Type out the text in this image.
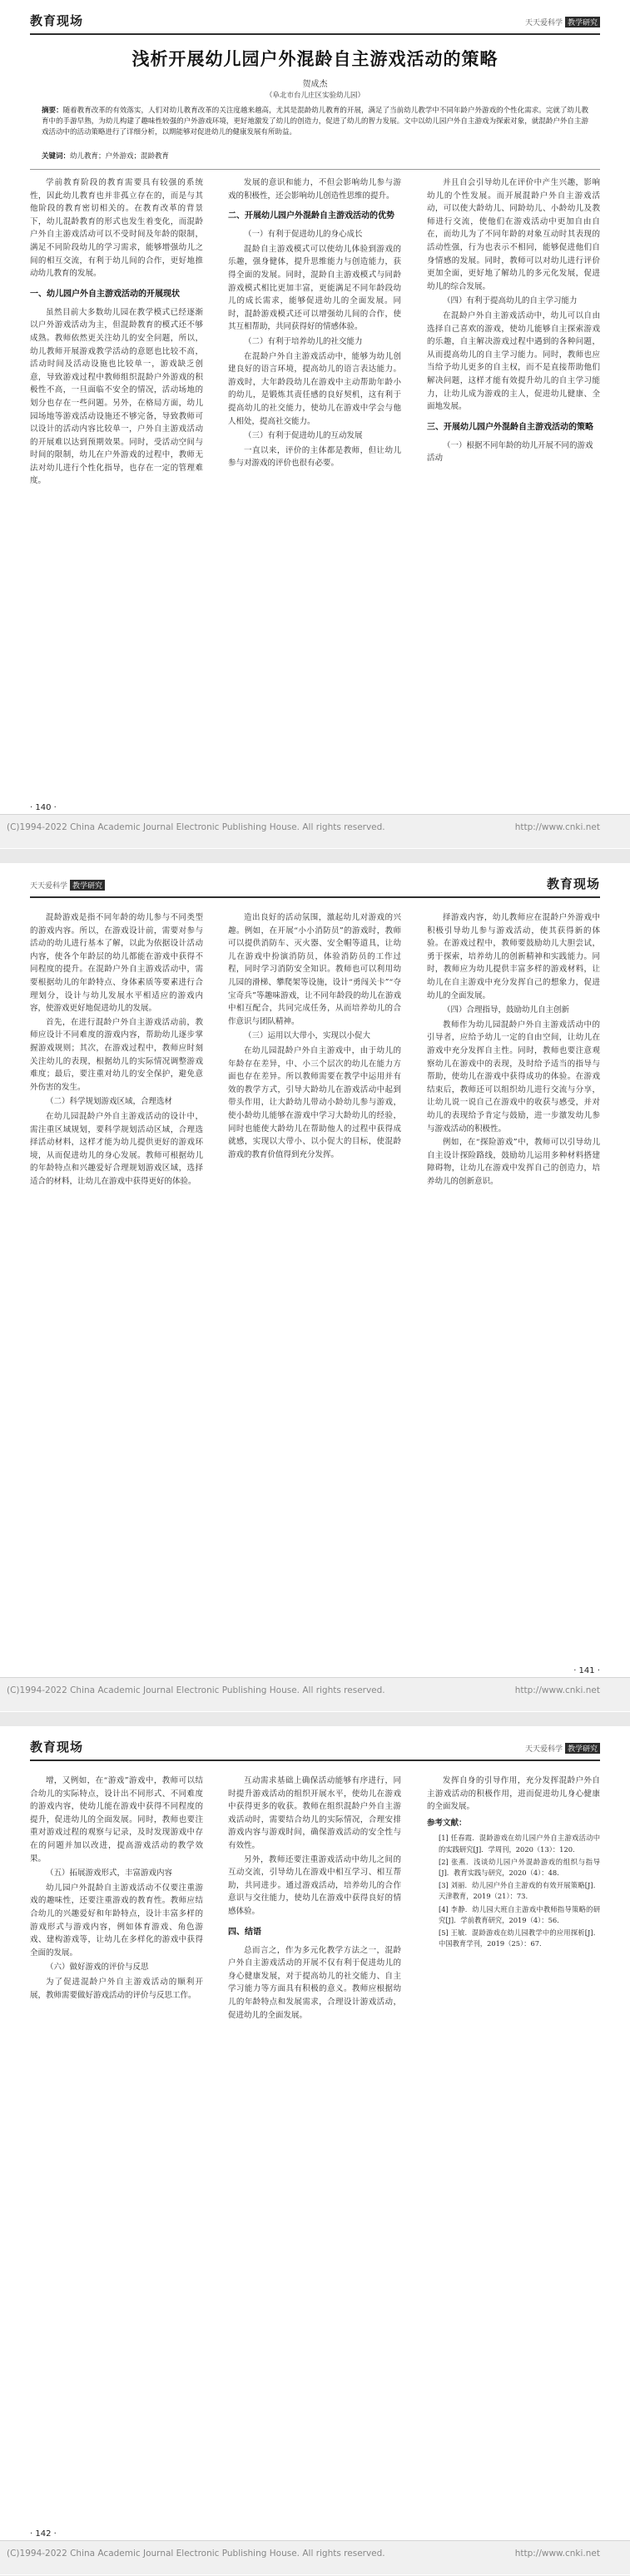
教育现场	天天爱科学 教学研究
浅析开展幼儿园户外混龄自主游戏活动的策略
贺成杰
（阜北市台儿庄区实验幼儿园）
摘要：随着教育改革的有效落实，人们对幼儿教育改革的关注度越来越高，尤其是混龄幼儿教育的开展，满足了当前幼儿教学中不同年龄户外游戏的个性化需求。完就了幼儿教育中的手游早熟，为幼儿构建了趣味性较强的户外游戏环境，更好地激发了幼儿的创造力，促进了幼儿的智力发展。文中以幼儿园户外自主游戏为探索对象，就混龄户外自主游戏活动中的活动策略进行了详细分析，以期能够对促进幼儿的健康发展有所助益。
关键词：幼儿教育；户外游戏；混龄教育

学前教育阶段的教育需要具有较强的系统性，因此幼儿教育也并非孤立存在的，而是与其他阶段的教育密切相关的。在教育改革的背景下，幼儿混龄教育的形式也发生着变化，而混龄户外自主游戏活动可以不受时间及年龄的限制，满足不同阶段幼儿的学习需求，能够增强幼儿之间的相互交流，有利于幼儿间的合作，更好地推动幼儿教育的发展。

一、幼儿园户外自主游戏活动的开展现状

虽然目前大多数幼儿园在教学模式已经逐渐以户外游戏活动为主，但混龄教育的模式还不够成熟。教师依然更关注幼儿的安全问题，所以，幼儿教师开展游戏教学活动的意愿也比较不高，活动时间及活动设施也比较单一，游戏缺乏创意，导致游戏过程中教师组织混龄户外游戏的积极性不高，一旦面临不安全的情况，活动场地的划分也存在一些问题。另外，在格局方面，幼儿园场地等游戏活动设施还不够完备，导致教师可以设计的活动内容比较单一，户外自主游戏活动的开展难以达到预期效果。同时，受活动空间与时间的限制，幼儿在户外游戏的过程中，教师无法对幼儿进行个性化指导，也存在一定的管理难度。

发展的意识和能力，不但会影响幼儿参与游戏的积极性，还会影响幼儿创造性思维的提升。

二、开展幼儿园户外混龄自主游戏活动的优势
（一）有利于促进幼儿的身心成长

混龄自主游戏模式可以使幼儿体验到游戏的乐趣，强身健体，提升思维能力与创造能力，获得全面的发展。同时，混龄自主游戏模式与同龄游戏模式相比更加丰富，更能满足不同年龄段幼儿的成长需求，能够促进幼儿的全面发展。同时，混龄游戏模式还可以增强幼儿间的合作，使其互相帮助，共同获得好的情感体验。

（二）有利于培养幼儿的社交能力

在混龄户外自主游戏活动中，能够为幼儿创建良好的语言环境，提高幼儿的语言表达能力。游戏时，大年龄段幼儿在游戏中主动帮助年龄小的幼儿，是锻炼其责任感的良好契机，这有利于提高幼儿的社交能力，使幼儿在游戏中学会与他人相处，提高社交能力。

（三）有利于促进幼儿的互动发展

一直以来，评价的主体都是教师，但让幼儿参与对游戏的评价也很有必要。

并且自会引导幼儿在评价中产生兴趣，影响幼儿的个性发展。而开展混龄户外自主游戏活动，可以使大龄幼儿、同龄幼儿、小龄幼儿及教师进行交流，使他们在游戏活动中更加自由自在，而幼儿为了不同年龄的对象互动时其表现的活动性强，行为也表示不相同，能够促进他们自身情感的发展。同时，教师可以对幼儿进行评价更加全面，更好地了解幼儿的多元化发展，促进幼儿的综合发展。

（四）有利于提高幼儿的自主学习能力

在混龄户外自主游戏活动中，幼儿可以自由选择自己喜欢的游戏，使幼儿能够自主探索游戏的乐趣，自主解决游戏过程中遇到的各种问题，从而提高幼儿的自主学习能力。同时，教师也应当给予幼儿更多的自主权，而不是直接帮助他们解决问题，这样才能有效提升幼儿的自主学习能力，让幼儿成为游戏的主人，促进幼儿健康、全面地发展。

三、开展幼儿园户外混龄自主游戏活动的策略
（一）根据不同年龄的幼儿开展不同的游戏活动
· 140 ·
(C)1994-2022 China Academic Journal Electronic Publishing House. All rights reserved.	http://www.cnki.net
天天爱科学 教学研究	教育现场

混龄游戏是指不同年龄的幼儿参与不同类型的游戏内容。所以，在游戏设计前，需要对参与活动的幼儿进行基本了解，以此为依据设计活动内容，使各个年龄层的幼儿都能在游戏中获得不同程度的提升。在混龄户外自主游戏活动中，需要根据幼儿的年龄特点、身体素质等要素进行合理划分，设计与幼儿发展水平相适应的游戏内容，使游戏更好地促进幼儿的发展。

首先，在进行混龄户外自主游戏活动前，教师应设计不同难度的游戏内容，帮助幼儿逐步掌握游戏规则；其次，在游戏过程中，教师应时刻关注幼儿的表现，根据幼儿的实际情况调整游戏难度；最后，要注重对幼儿的安全保护，避免意外伤害的发生。

（二）科学规划游戏区域，合理选材

在幼儿园混龄户外自主游戏活动的设计中，需注重区域规划，要科学规划活动区域，合理选择活动材料，这样才能为幼儿提供更好的游戏环境，从而促进幼儿的身心发展。教师可根据幼儿的年龄特点和兴趣爱好合理规划游戏区域，选择适合的材料，让幼儿在游戏中获得更好的体验。

造出良好的活动氛围，激起幼儿对游戏的兴趣。例如，在开展“小小消防员”的游戏时，教师可以提供消防车、灭火器、安全帽等道具，让幼儿在游戏中扮演消防员，体验消防员的工作过程，同时学习消防安全知识。教师也可以利用幼儿园的滑梯、攀爬架等设施，设计“勇闯关卡”“夺宝奇兵”等趣味游戏，让不同年龄段的幼儿在游戏中相互配合，共同完成任务，从而培养幼儿的合作意识与团队精神。

（三）运用以大带小，实现以小促大

在幼儿园混龄户外自主游戏中，由于幼儿的年龄存在差异，中、小三个层次的幼儿在能力方面也存在差异。所以教师需要在教学中运用并有效的教学方式，引导大龄幼儿在游戏活动中起到带头作用，让大龄幼儿带动小龄幼儿参与游戏，使小龄幼儿能够在游戏中学习大龄幼儿的经验，同时也能使大龄幼儿在帮助他人的过程中获得成就感，实现以大带小、以小促大的目标，使混龄游戏的教育价值得到充分发挥。

择游戏内容，幼儿教师应在混龄户外游戏中积极引导幼儿参与游戏活动，使其获得新的体验。在游戏过程中，教师要鼓励幼儿大胆尝试，勇于探索，培养幼儿的创新精神和实践能力。同时，教师应为幼儿提供丰富多样的游戏材料，让幼儿在自主游戏中充分发挥自己的想象力，促进幼儿的全面发展。

（四）合理指导，鼓励幼儿自主创新

教师作为幼儿园混龄户外自主游戏活动中的引导者，应给予幼儿一定的自由空间，让幼儿在游戏中充分发挥自主性。同时，教师也要注意观察幼儿在游戏中的表现，及时给予适当的指导与帮助，使幼儿在游戏中获得成功的体验。在游戏结束后，教师还可以组织幼儿进行交流与分享，让幼儿说一说自己在游戏中的收获与感受，并对幼儿的表现给予肯定与鼓励，进一步激发幼儿参与游戏活动的积极性。

例如，在“探险游戏”中，教师可以引导幼儿自主设计探险路线，鼓励幼儿运用多种材料搭建障碍物，让幼儿在游戏中发挥自己的创造力，培养幼儿的创新意识。

· 141 ·
(C)1994-2022 China Academic Journal Electronic Publishing House. All rights reserved.	http://www.cnki.net
教育现场	天天爱科学 教学研究

增，又例如，在“游戏”游戏中，教师可以结合幼儿的实际特点，设计出不同形式、不同难度的游戏内容，使幼儿能在游戏中获得不同程度的提升，促进幼儿的全面发展。同时，教师也要注重对游戏过程的观察与记录，及时发现游戏中存在的问题并加以改进，提高游戏活动的教学效果。

（五）拓展游戏形式，丰富游戏内容

幼儿园户外混龄自主游戏活动不仅要注重游戏的趣味性，还要注重游戏的教育性。教师应结合幼儿的兴趣爱好和年龄特点，设计丰富多样的游戏形式与游戏内容，例如体育游戏、角色游戏、建构游戏等，让幼儿在多样化的游戏中获得全面的发展。

（六）做好游戏的评价与反思

为了促进混龄户外自主游戏活动的顺利开展，教师需要做好游戏活动的评价与反思工作。

互动需求基础上确保活动能够有序进行，同时提升游戏活动的组织开展水平，使幼儿在游戏中获得更多的收获。教师在组织混龄户外自主游戏活动时，需要结合幼儿的实际情况，合理安排游戏内容与游戏时间，确保游戏活动的安全性与有效性。

另外，教师还要注重游戏活动中幼儿之间的互动交流，引导幼儿在游戏中相互学习、相互帮助，共同进步。通过游戏活动，培养幼儿的合作意识与交往能力，使幼儿在游戏中获得良好的情感体验。

四、结语

总而言之，作为多元化教学方法之一，混龄户外自主游戏活动的开展不仅有利于促进幼儿的身心健康发展，对于提高幼儿的社交能力、自主学习能力等方面具有积极的意义。教师应根据幼儿的年龄特点和发展需求，合理设计游戏活动，促进幼儿的全面发展。

发挥自身的引导作用，充分发挥混龄户外自主游戏活动的积极作用，进而促进幼儿身心健康的全面发展。

参考文献：

[1] 任春霞．混龄游戏在幼儿园户外自主游戏活动中的实践研究[J]．学周刊，2020（13）：120.

[2] 张燕．浅谈幼儿园户外混龄游戏的组织与指导[J]．教育实践与研究，2020（4）：48.

[3] 刘丽．幼儿园户外自主游戏的有效开展策略[J]．天津教育，2019（21）：73.

[4] 李静．幼儿园大班自主游戏中教师指导策略的研究[J]．学前教育研究，2019（4）：56.

[5] 王敏．混龄游戏在幼儿园教学中的应用探析[J]．中国教育学刊，2019（25）：67.

· 142 ·
(C)1994-2022 China Academic Journal Electronic Publishing House. All rights reserved.	http://www.cnki.net
